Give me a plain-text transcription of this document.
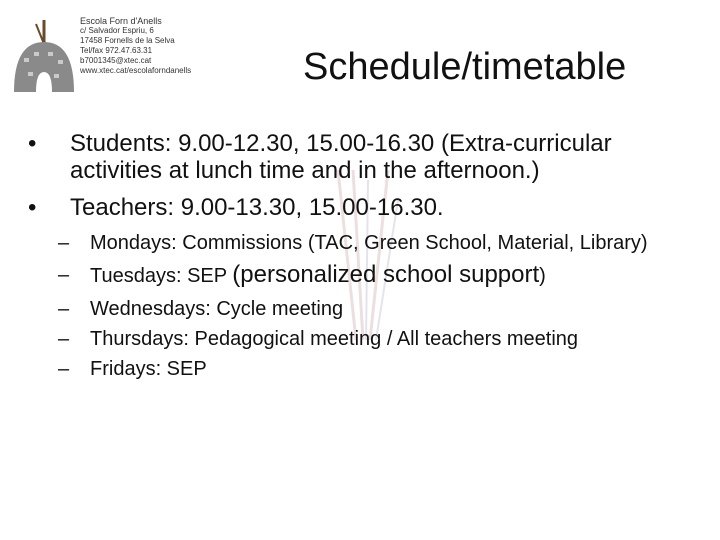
Escola Forn d'Anells
c/ Salvador Espriu, 6
17458 Fornells de la Selva
Tel/fax 972.47.63.31
b7001345@xtec.cat
www.xtec.cat/escolaforndanells	Schedule/timetable
• Students: 9.00-12.30, 15.00-16.30 (Extra-curricular activities at lunch time and in the afternoon.)
• Teachers: 9.00-13.30, 15.00-16.30.
– Mondays: Commissions (TAC, Green School, Material, Library)
– Tuesdays: SEP (personalized school support)
– Wednesdays: Cycle meeting
– Thursdays: Pedagogical meeting / All teachers meeting
– Fridays: SEP
